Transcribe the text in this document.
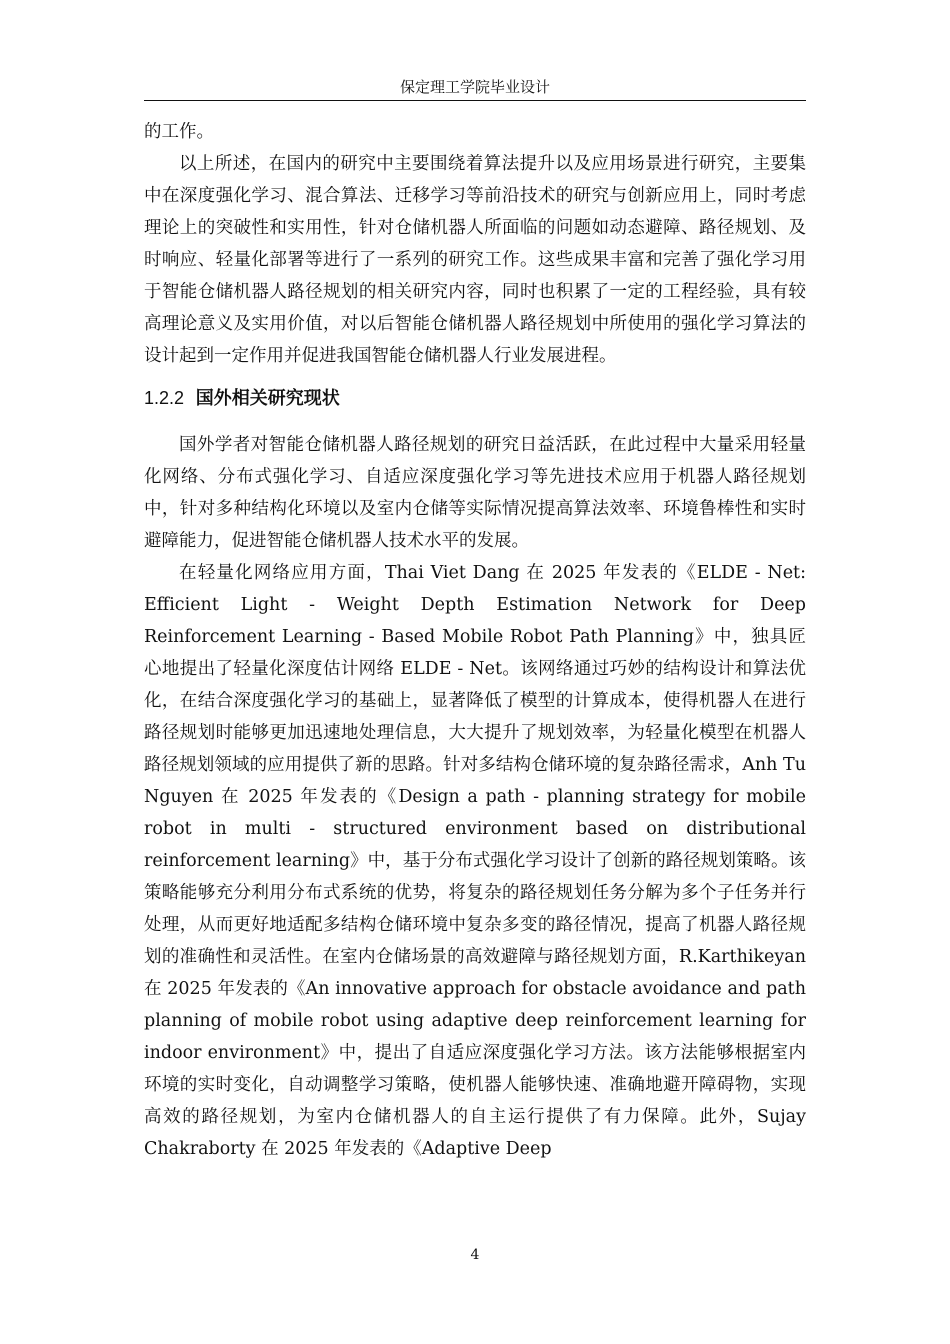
保定理工学院毕业设计

的工作。

以上所述，在国内的研究中主要围绕着算法提升以及应用场景进行研究，主要集中在深度强化学习、混合算法、迁移学习等前沿技术的研究与创新应用上，同时考虑理论上的突破性和实用性，针对仓储机器人所面临的问题如动态避障、路径规划、及时响应、轻量化部署等进行了一系列的研究工作。这些成果丰富和完善了强化学习用于智能仓储机器人路径规划的相关研究内容，同时也积累了一定的工程经验，具有较高理论意义及实用价值，对以后智能仓储机器人路径规划中所使用的强化学习算法的设计起到一定作用并促进我国智能仓储机器人行业发展进程。

1.2.2 国外相关研究现状

国外学者对智能仓储机器人路径规划的研究日益活跃，在此过程中大量采用轻量化网络、分布式强化学习、自适应深度强化学习等先进技术应用于机器人路径规划中，针对多种结构化环境以及室内仓储等实际情况提高算法效率、环境鲁棒性和实时避障能力，促进智能仓储机器人技术水平的发展。

在轻量化网络应用方面，Thai Viet Dang 在 2025 年发表的《ELDE - Net: Efficient Light - Weight Depth Estimation Network for Deep Reinforcement Learning - Based Mobile Robot Path Planning》中，独具匠心地提出了轻量化深度估计网络 ELDE - Net。该网络通过巧妙的结构设计和算法优化，在结合深度强化学习的基础上，显著降低了模型的计算成本，使得机器人在进行路径规划时能够更加迅速地处理信息，大大提升了规划效率，为轻量化模型在机器人路径规划领域的应用提供了新的思路。针对多结构仓储环境的复杂路径需求，Anh Tu Nguyen 在 2025 年发表的《Design a path - planning strategy for mobile robot in multi - structured environment based on distributional reinforcement learning》中，基于分布式强化学习设计了创新的路径规划策略。该策略能够充分利用分布式系统的优势，将复杂的路径规划任务分解为多个子任务并行处理，从而更好地适配多结构仓储环境中复杂多变的路径情况，提高了机器人路径规划的准确性和灵活性。在室内仓储场景的高效避障与路径规划方面，R.Karthikeyan 在 2025 年发表的《An innovative approach for obstacle avoidance and path planning of mobile robot using adaptive deep reinforcement learning for indoor environment》中，提出了自适应深度强化学习方法。该方法能够根据室内环境的实时变化，自动调整学习策略，使机器人能够快速、准确地避开障碍物，实现高效的路径规划，为室内仓储机器人的自主运行提供了有力保障。此外，Sujay Chakraborty 在 2025 年发表的《Adaptive Deep

4
